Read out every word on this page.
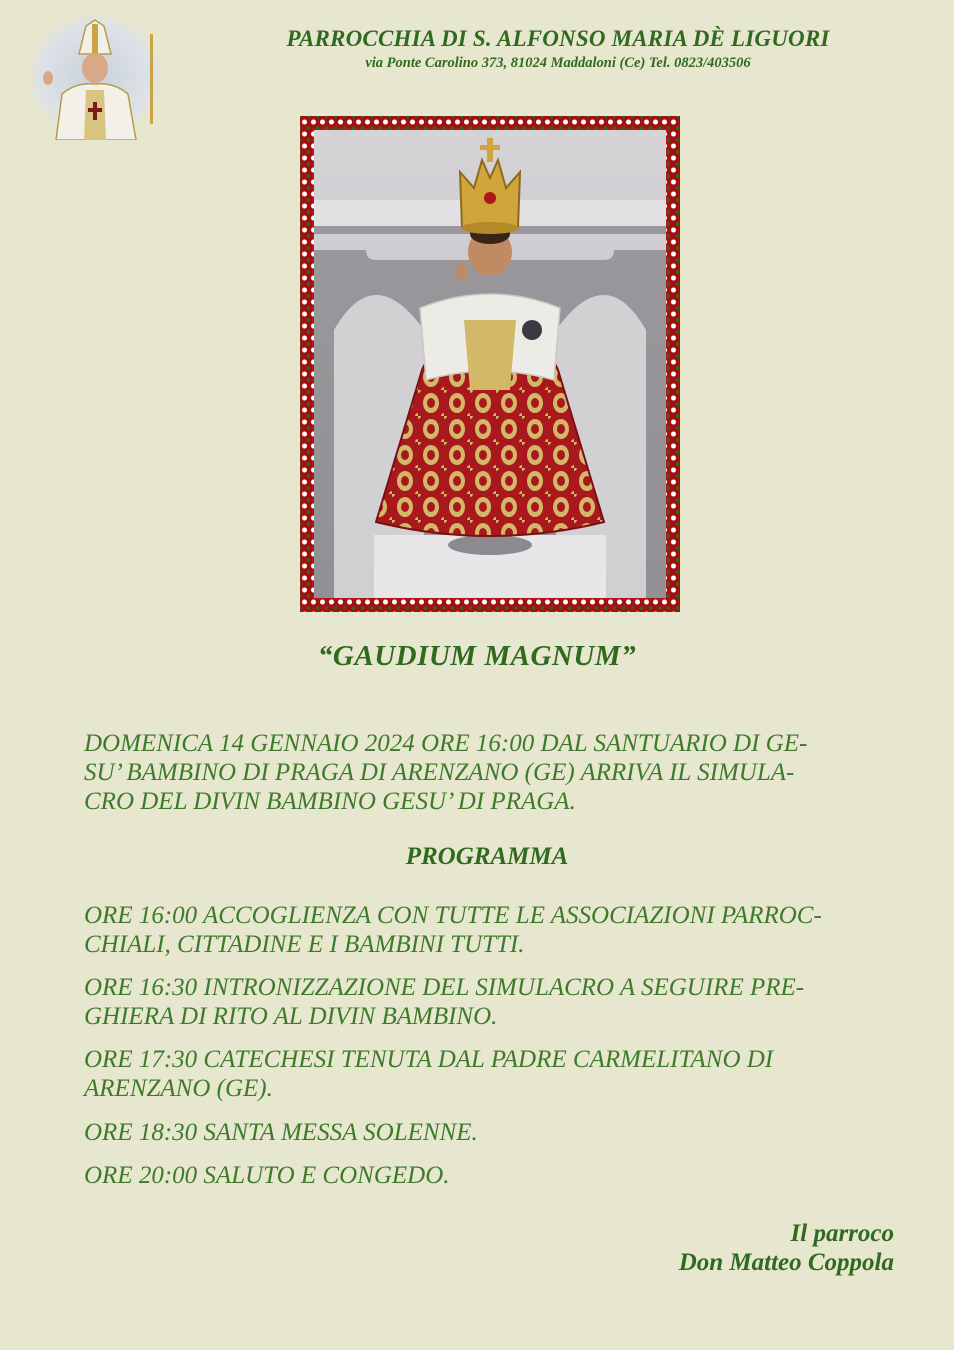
PARROCCHIA DI S. ALFONSO MARIA DÈ LIGUORI
via Ponte Carolino 373, 81024 Maddaloni (Ce) Tel. 0823/403506
“GAUDIUM MAGNUM”
DOMENICA 14 GENNAIO 2024 ORE 16:00 DAL SANTUARIO DI GE-
SU’ BAMBINO DI PRAGA DI ARENZANO (GE) ARRIVA IL SIMULA-
CRO DEL DIVIN BAMBINO GESU’ DI PRAGA.
PROGRAMMA
ORE 16:00 ACCOGLIENZA CON TUTTE LE ASSOCIAZIONI PARROC-
CHIALI, CITTADINE E I BAMBINI TUTTI.
ORE 16:30 INTRONIZZAZIONE DEL SIMULACRO A SEGUIRE PRE-
GHIERA DI RITO AL DIVIN BAMBINO.
ORE 17:30 CATECHESI TENUTA DAL PADRE CARMELITANO DI
ARENZANO (GE).
ORE 18:30 SANTA MESSA SOLENNE.
ORE 20:00 SALUTO E CONGEDO.
Il parroco
Don Matteo Coppola
